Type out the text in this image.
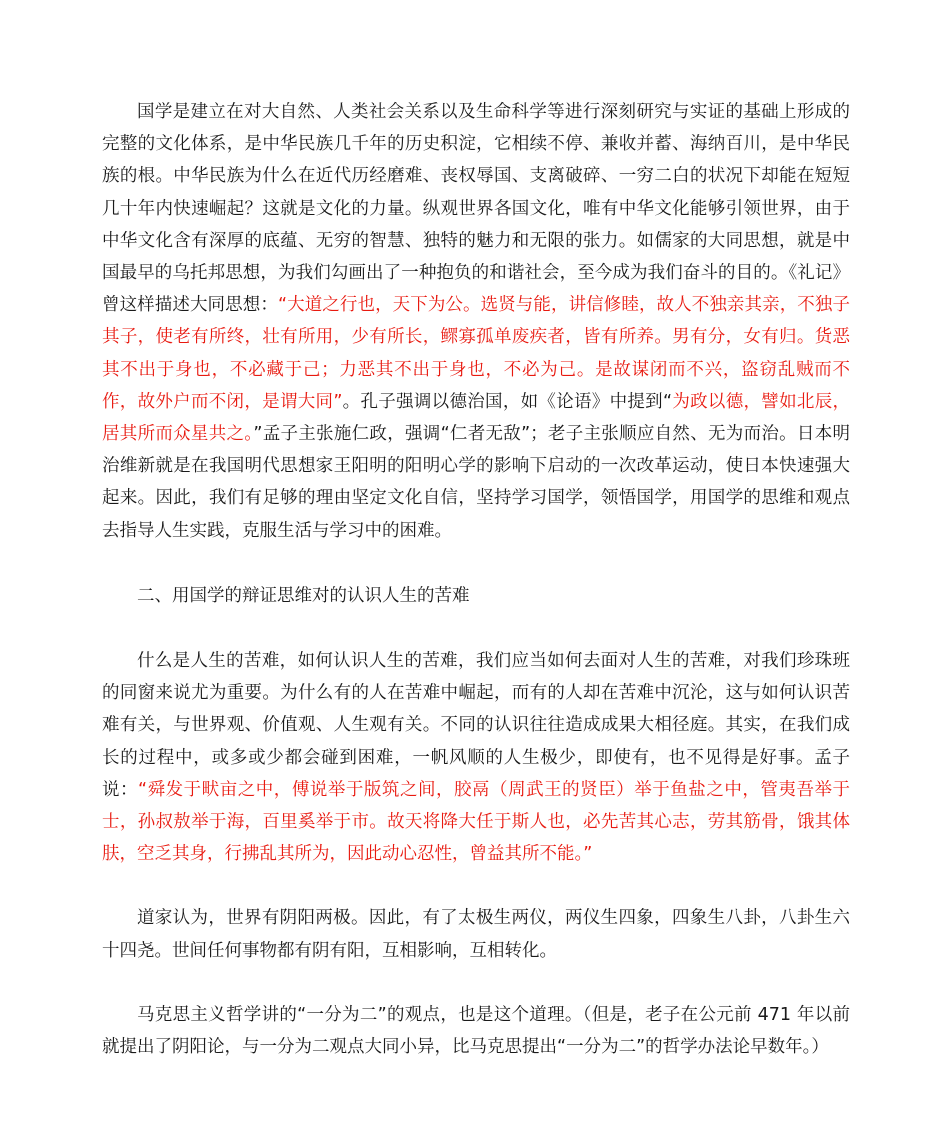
国学是建立在对大自然、人类社会关系以及生命科学等进行深刻研究与实证的基础上形成的完整的文化体系，是中华民族几千年的历史积淀，它相续不停、兼收并蓄、海纳百川，是中华民族的根。中华民族为什么在近代历经磨难、丧权辱国、支离破碎、一穷二白的状况下却能在短短几十年内快速崛起？这就是文化的力量。纵观世界各国文化，唯有中华文化能够引领世界，由于中华文化含有深厚的底蕴、无穷的智慧、独特的魅力和无限的张力。如儒家的大同思想，就是中国最早的乌托邦思想，为我们勾画出了一种抱负的和谐社会，至今成为我们奋斗的目的。《礼记》曾这样描述大同思想：“大道之行也，天下为公。选贤与能，讲信修睦，故人不独亲其亲，不独子其子，使老有所终，壮有所用，少有所长，鳏寡孤单废疾者，皆有所养。男有分，女有归。货恶其不出于身也，不必藏于己；力恶其不出于身也，不必为己。是故谋闭而不兴，盗窃乱贼而不作，故外户而不闭，是谓大同”。孔子强调以德治国，如《论语》中提到“为政以德，譬如北辰，居其所而众星共之。”孟子主张施仁政，强调“仁者无敌”；老子主张顺应自然、无为而治。日本明治维新就是在我国明代思想家王阳明的阳明心学的影响下启动的一次改革运动，使日本快速强大起来。因此，我们有足够的理由坚定文化自信，坚持学习国学，领悟国学，用国学的思维和观点去指导人生实践，克服生活与学习中的困难。

二、用国学的辩证思维对的认识人生的苦难

什么是人生的苦难，如何认识人生的苦难，我们应当如何去面对人生的苦难，对我们珍珠班的同窗来说尤为重要。为什么有的人在苦难中崛起，而有的人却在苦难中沉沦，这与如何认识苦难有关，与世界观、价值观、人生观有关。不同的认识往往造成成果大相径庭。其实，在我们成长的过程中，或多或少都会碰到困难，一帆风顺的人生极少，即使有，也不见得是好事。孟子说：“舜发于畎亩之中，傅说举于版筑之间，胶鬲（周武王的贤臣）举于鱼盐之中，管夷吾举于士，孙叔敖举于海，百里奚举于市。故天将降大任于斯人也，必先苦其心志，劳其筋骨，饿其体肤，空乏其身，行拂乱其所为，因此动心忍性，曾益其所不能。”

道家认为，世界有阴阳两极。因此，有了太极生两仪，两仪生四象，四象生八卦，八卦生六十四尧。世间任何事物都有阴有阳，互相影响，互相转化。

马克思主义哲学讲的“一分为二”的观点，也是这个道理。（但是，老子在公元前 471 年以前就提出了阴阳论，与一分为二观点大同小异，比马克思提出“一分为二”的哲学办法论早数年。）
